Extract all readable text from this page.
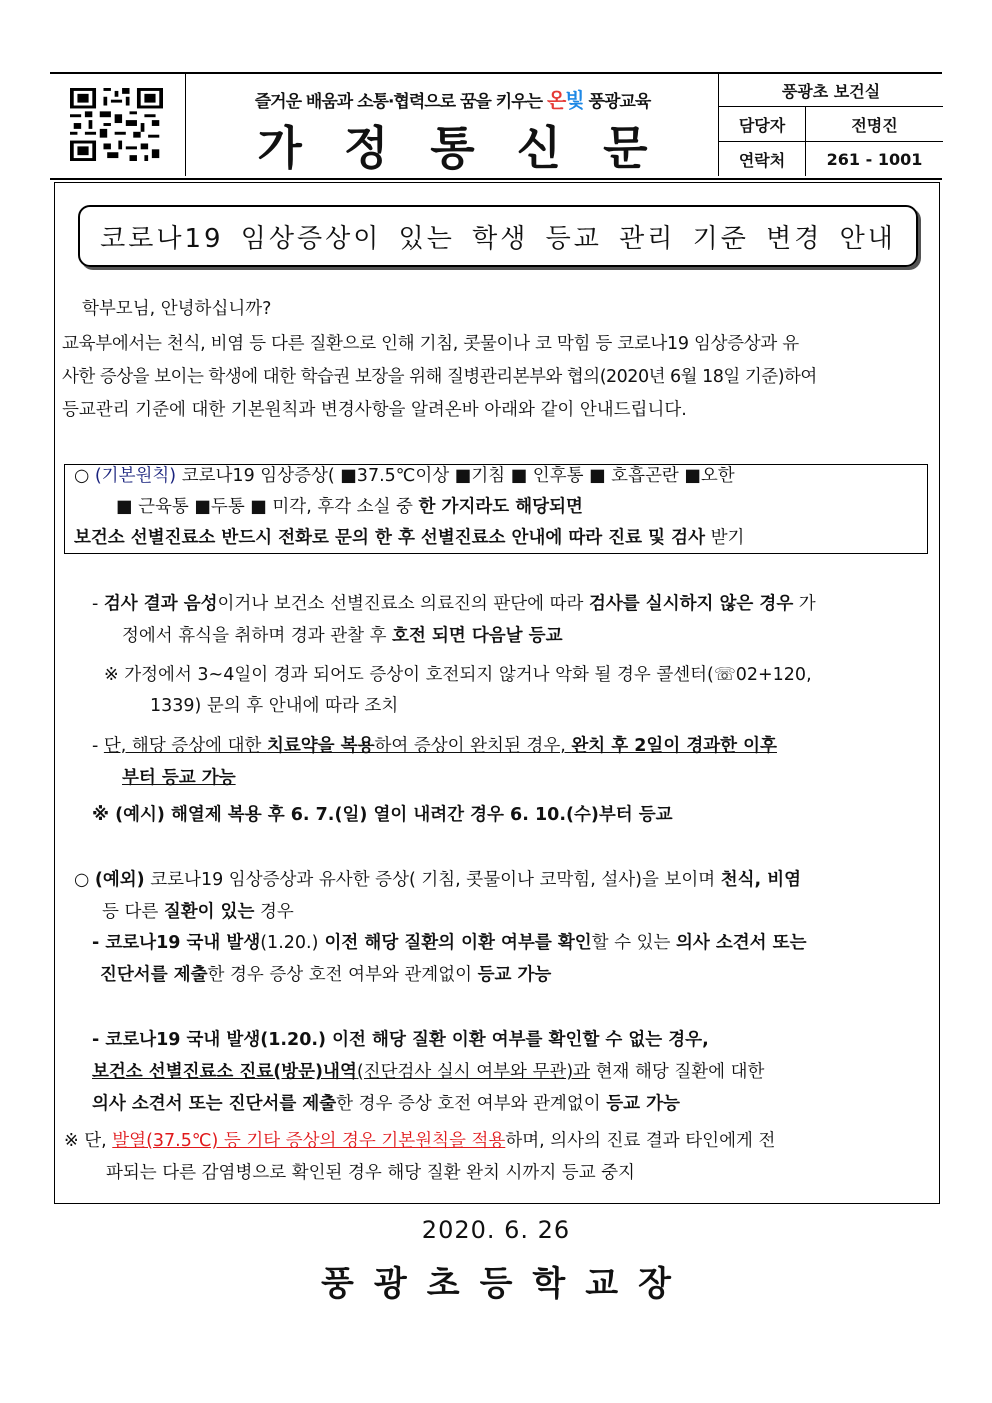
즐거운 배움과 소통·협력으로 꿈을 키우는 온빛 풍광교육
가정통신문
풍광초 보건실
담당자	전명진
연락처	261 - 1001
코로나19 임상증상이 있는 학생 등교 관리 기준 변경 안내
학부모님, 안녕하십니까?
교육부에서는 천식, 비염 등 다른 질환으로 인해 기침, 콧물이나 코 막힘 등 코로나19 임상증상과 유
사한 증상을 보이는 학생에 대한 학습권 보장을 위해 질병관리본부와 협의(2020년 6월 18일 기준)하여
등교관리 기준에 대한 기본원칙과 변경사항을 알려온바 아래와 같이 안내드립니다.
○ (기본원칙) 코로나19 임상증상( ■37.5℃이상 ■기침 ■ 인후통 ■ 호흡곤란 ■오한
■ 근육통 ■두통 ■ 미각, 후각 소실 중 한 가지라도 해당되면
보건소 선별진료소 반드시 전화로 문의 한 후 선별진료소 안내에 따라 진료 및 검사 받기
- 검사 결과 음성이거나 보건소 선별진료소 의료진의 판단에 따라 검사를 실시하지 않은 경우 가
정에서 휴식을 취하며 경과 관찰 후 호전 되면 다음날 등교
※ 가정에서 3~4일이 경과 되어도 증상이 호전되지 않거나 악화 될 경우 콜센터(☏02+120,
1339) 문의 후 안내에 따라 조치
- 단, 해당 증상에 대한 치료약을 복용하여 증상이 완치된 경우, 완치 후 2일이 경과한 이후
부터 등교 가능
※ (예시) 해열제 복용 후 6. 7.(일) 열이 내려간 경우 6. 10.(수)부터 등교
○ (예외) 코로나19 임상증상과 유사한 증상( 기침, 콧물이나 코막힘, 설사)을 보이며 천식, 비염
등 다른 질환이 있는 경우
- 코로나19 국내 발생(1.20.) 이전 해당 질환의 이환 여부를 확인할 수 있는 의사 소견서 또는
진단서를 제출한 경우 증상 호전 여부와 관계없이 등교 가능
- 코로나19 국내 발생(1.20.) 이전 해당 질환 이환 여부를 확인할 수 없는 경우,
보건소 선별진료소 진료(방문)내역(진단검사 실시 여부와 무관)과 현재 해당 질환에 대한
의사 소견서 또는 진단서를 제출한 경우 증상 호전 여부와 관계없이 등교 가능
※ 단, 발열(37.5℃) 등 기타 증상의 경우 기본원칙을 적용하며, 의사의 진료 결과 타인에게 전
파되는 다른 감염병으로 확인된 경우 해당 질환 완치 시까지 등교 중지
2020. 6. 26
풍광초등학교장
